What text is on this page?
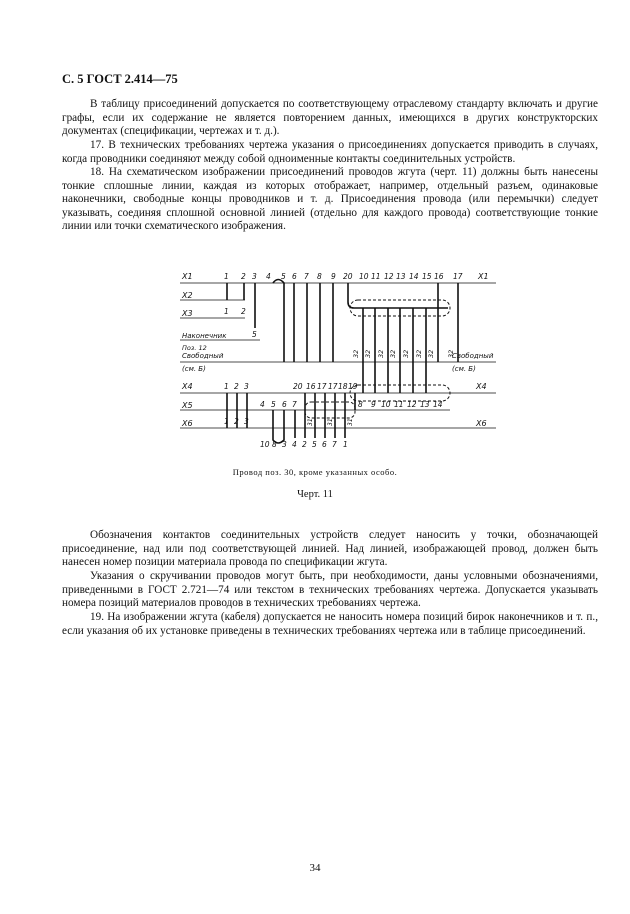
С. 5 ГОСТ 2.414—75

В таблицу присоединений допускается по соответствующему отраслевому стандарту включать и другие графы, если их содержание не является повторением данных, имеющихся в других конструкторских документах (спецификации, чертежах и т. д.).

17. В технических требованиях чертежа указания о присоединениях допускается приводить в случаях, когда проводники соединяют между собой одноименные контакты соединительных устройств.

18. На схематическом изображении присоединений проводов жгута (черт. 11) должны быть нанесены тонкие сплошные линии, каждая из которых отображает, например, отдельный разъем, одинаковые наконечники, свободные концы проводников и т. д. Присоединения провода (или перемычки) следует указывать, соединяя сплошной основной линией (отдельно для каждого провода) соответствующие тонкие линии или точки схематического изображения.

X1	X1
X2
X3
Наконечник
Поз. 12
Свободный
(см. Б)
Свободный
(см. Б)
X4	X4
X5
X6	X6
1 2 3 4 5 6 7 8 9 20 10 11 12 13 14 15 16 17
1 2
5
32 32 32 32 32 32 32 32
1 2 3	20 16 17 17 18 19
4 5 6 7	8 9 10 11 12 13 14
1 2 3	31 31 31
10 8 3 4 2 5 6 7 1
Провод поз. 30, кроме указанных особо.
Черт. 11

Обозначения контактов соединительных устройств следует наносить у точки, обозначающей присоединение, над или под соответствующей линией. Над линией, изображающей провод, должен быть нанесен номер позиции материала провода по спецификации жгута.

Указания о скручивании проводов могут быть, при необходимости, даны условными обозначениями, приведенными в ГОСТ 2.721—74 или текстом в технических требованиях чертежа. Допускается указывать номера позиций материалов проводов в технических требованиях чертежа.

19. На изображении жгута (кабеля) допускается не наносить номера позиций бирок наконечников и т. п., если указания об их установке приведены в технических требованиях чертежа или в таблице присоединений.

34
